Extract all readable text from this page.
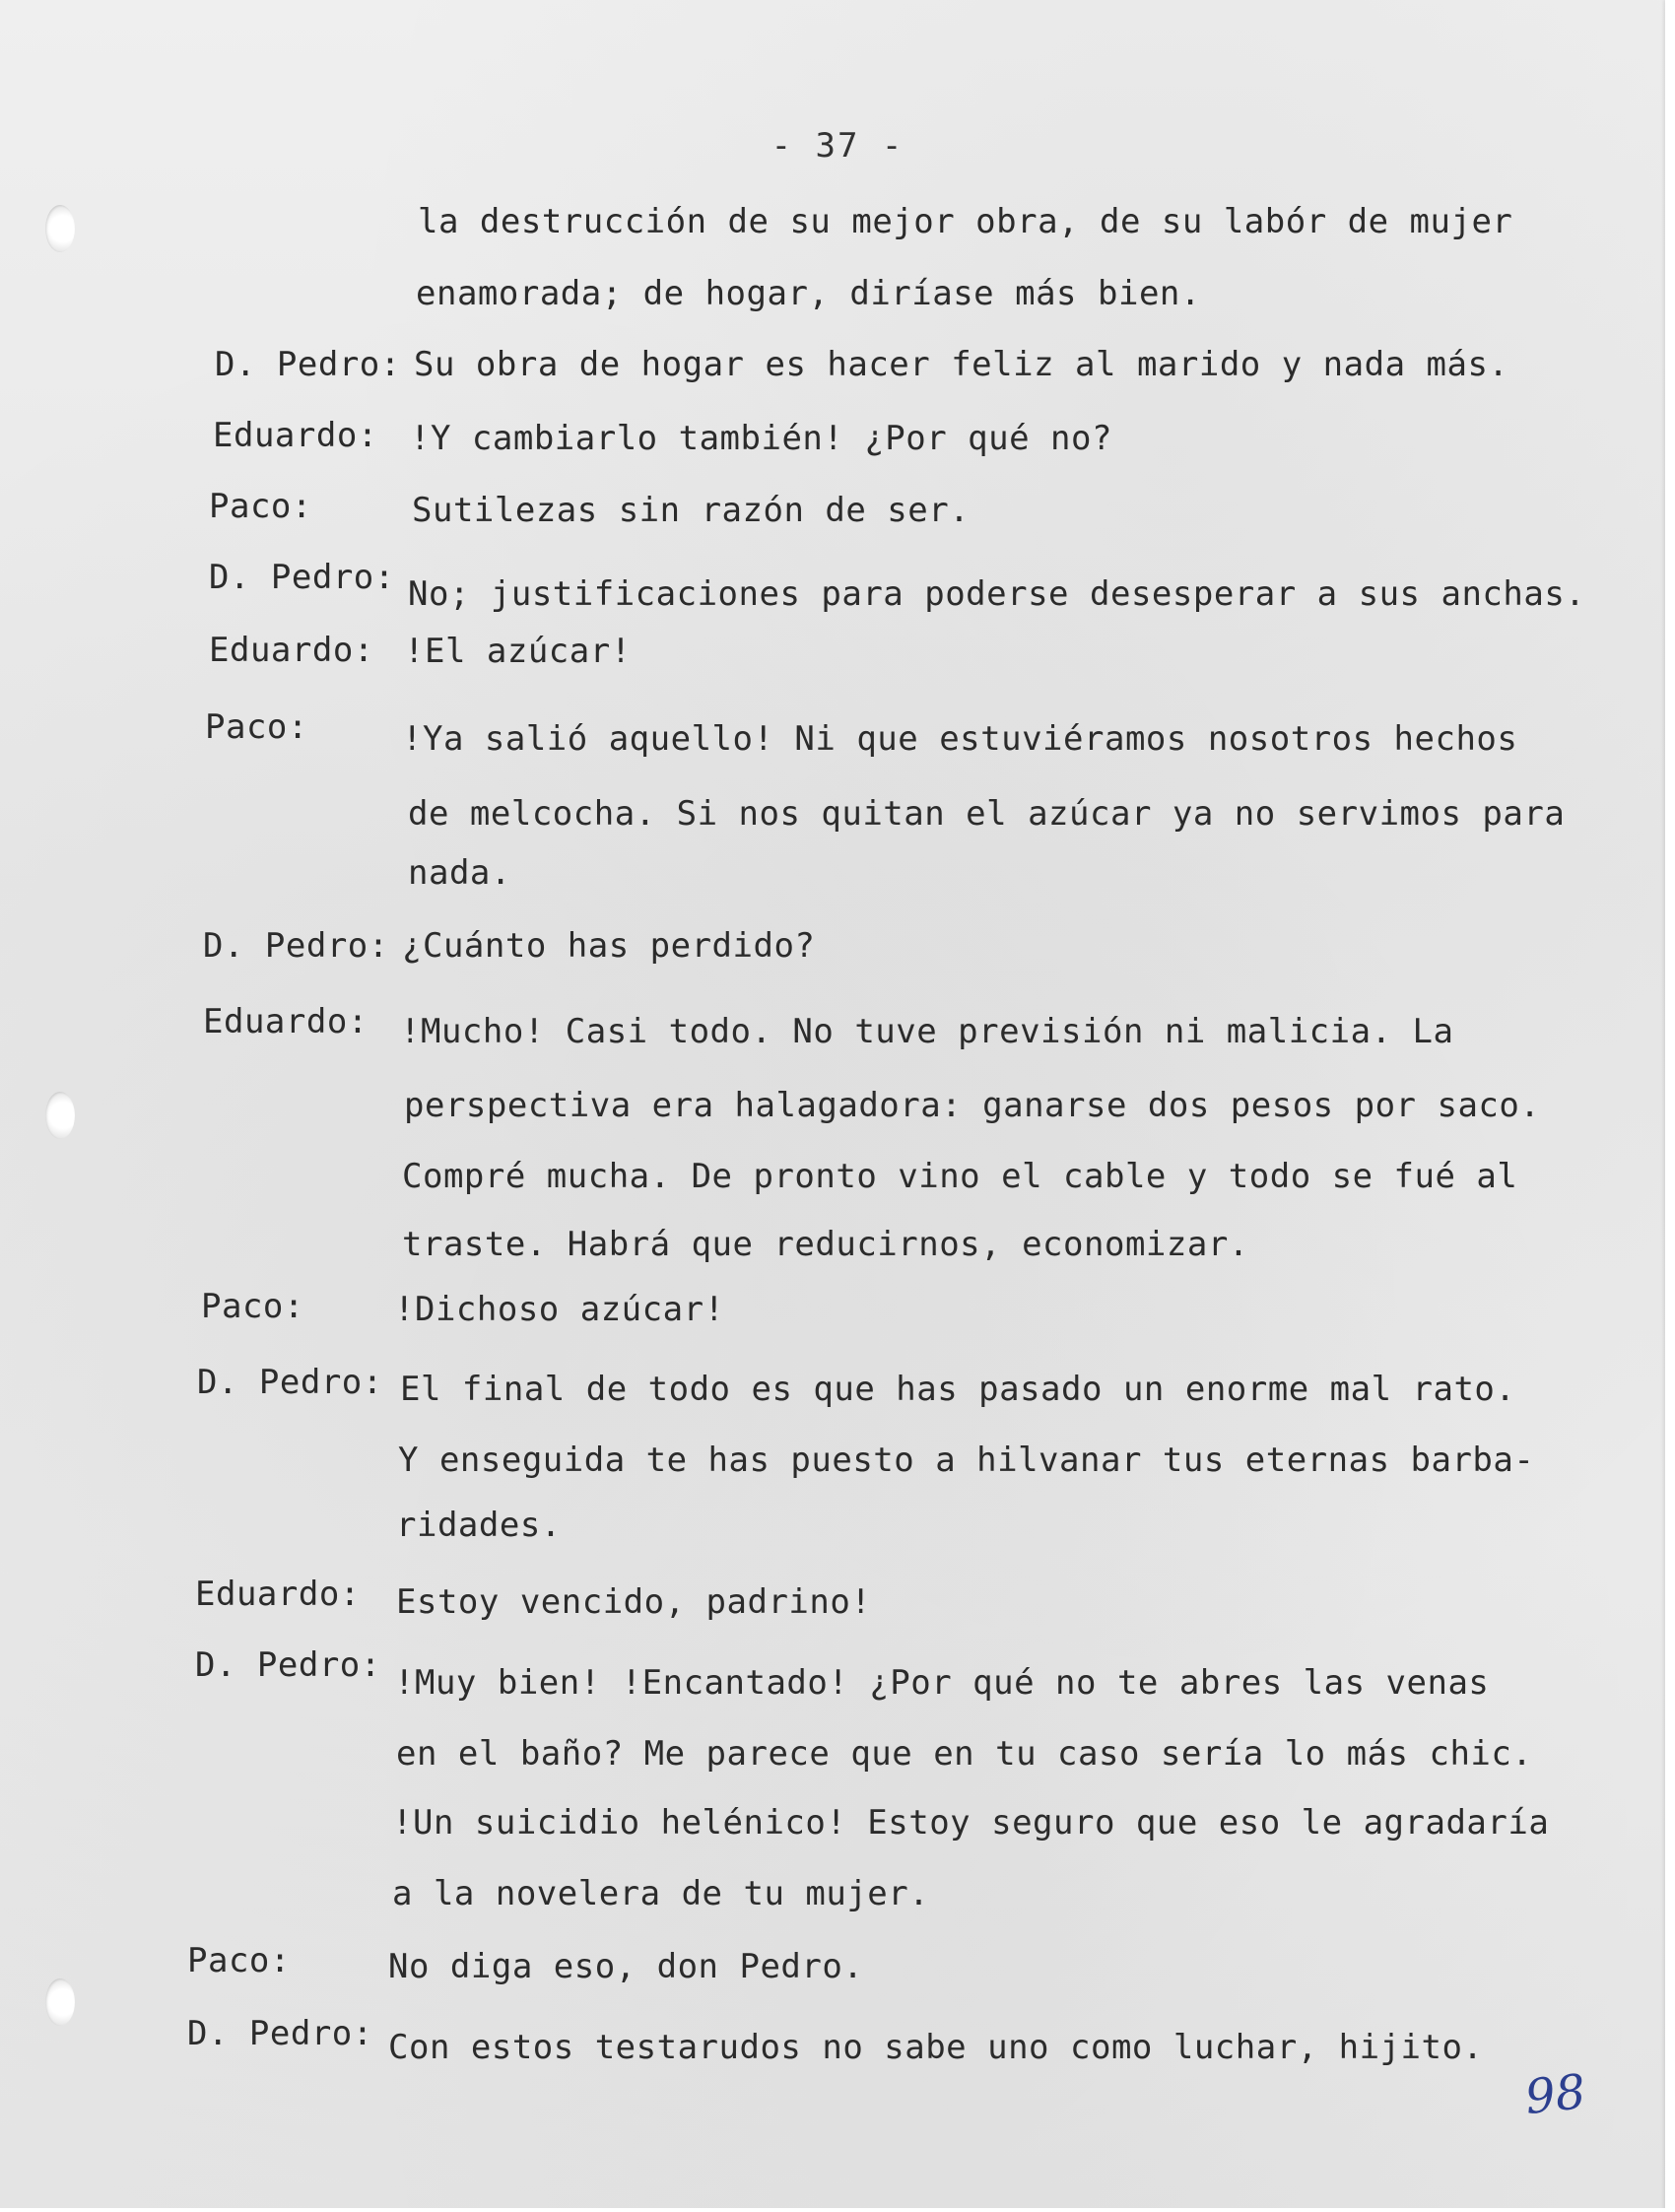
- 37 -
la destrucción de su mejor obra, de su labór de mujer
enamorada; de hogar, diríase más bien.
D. Pedro: Su obra de hogar es hacer feliz al marido y nada más.
Eduardo: !Y cambiarlo también! ¿Por qué no?
Paco:	Sutilezas sin razón de ser.
D. Pedro: No; justificaciones para poderse desesperar a sus anchas.
Eduardo: !El azúcar!
Paco:	!Ya salió aquello! Ni que estuviéramos nosotros hechos
de melcocha. Si nos quitan el azúcar ya no servimos para
nada.
D. Pedro: ¿Cuánto has perdido?
Eduardo: !Mucho! Casi todo. No tuve previsión ni malicia. La
perspectiva era halagadora: ganarse dos pesos por saco.
Compré mucha. De pronto vino el cable y todo se fué al
traste. Habrá que reducirnos, economizar.
Paco:	!Dichoso azúcar!
D. Pedro: El final de todo es que has pasado un enorme mal rato.
Y enseguida te has puesto a hilvanar tus eternas barba-
ridades.
Eduardo: Estoy vencido, padrino!
D. Pedro: !Muy bien! !Encantado! ¿Por qué no te abres las venas
en el baño? Me parece que en tu caso sería lo más chic.
!Un suicidio helénico! Estoy seguro que eso le agradaría
a la novelera de tu mujer.
Paco:	No diga eso, don Pedro.
D. Pedro: Con estos testarudos no sabe uno como luchar, hijito.
98
